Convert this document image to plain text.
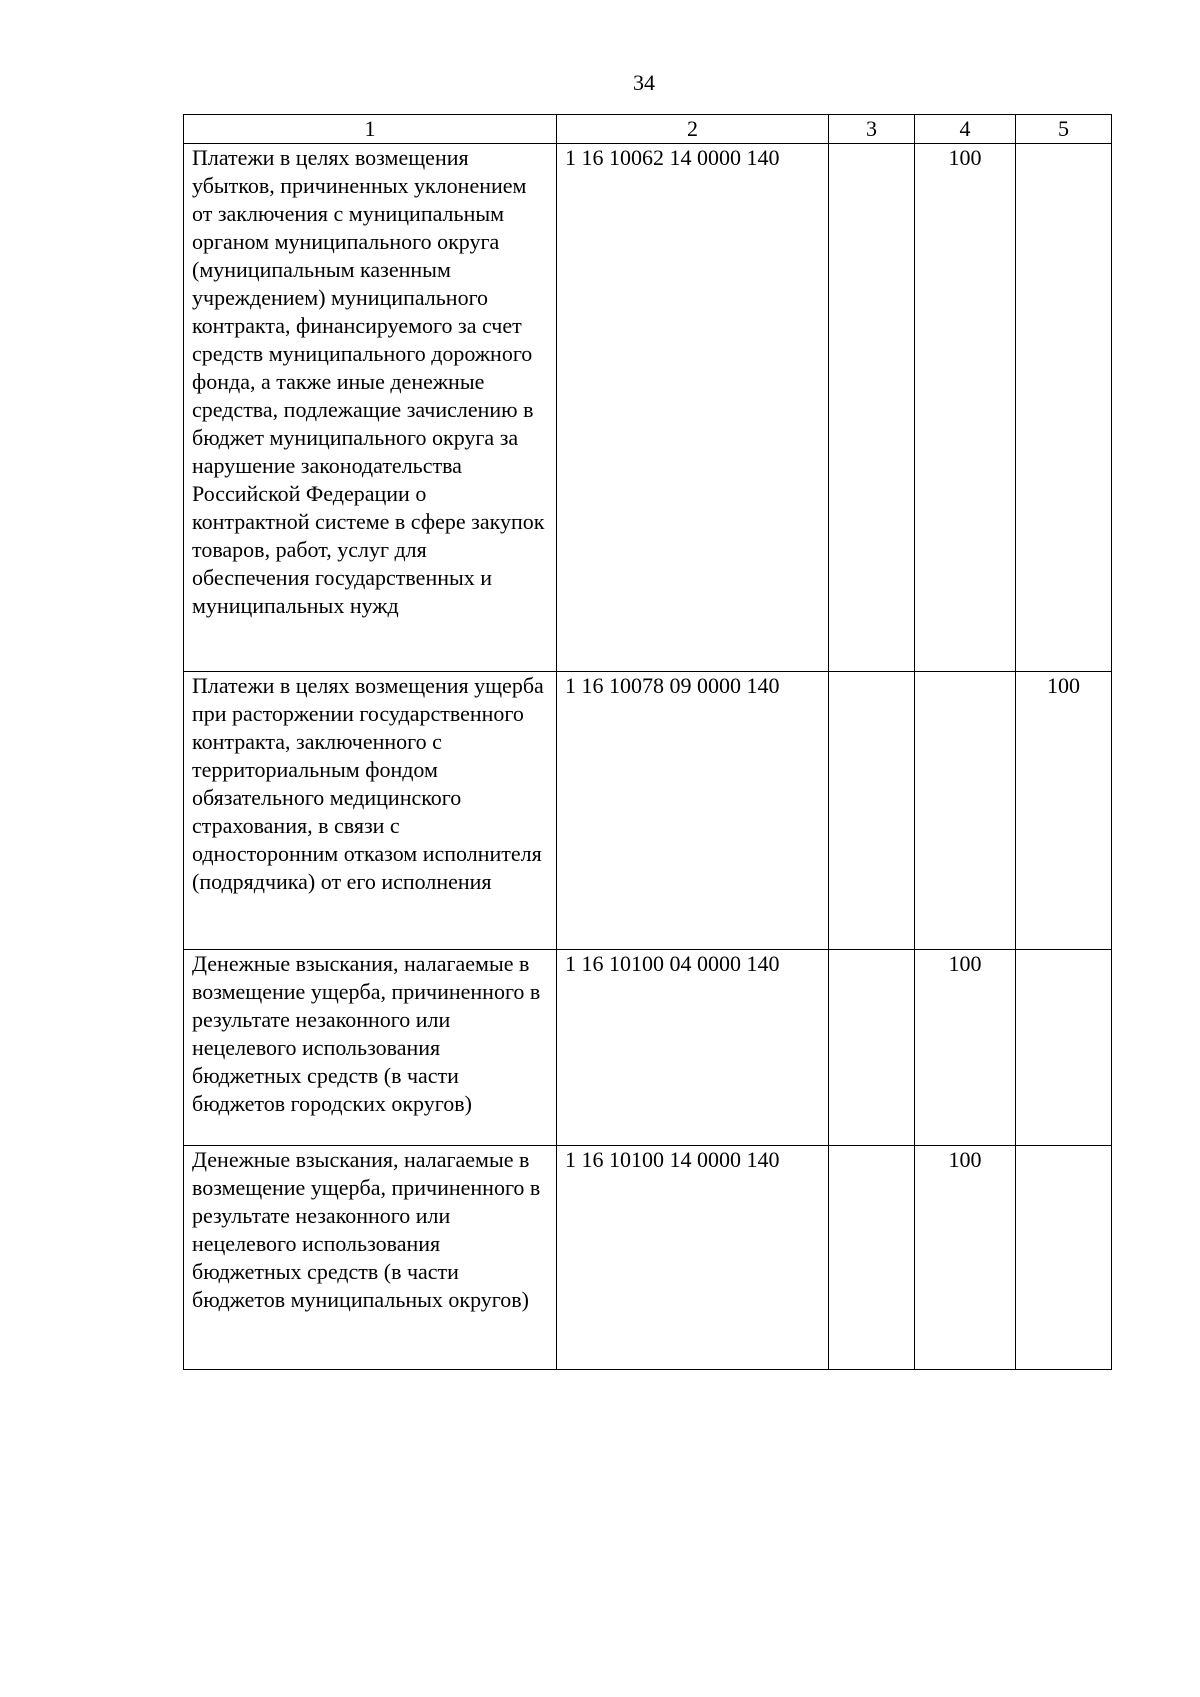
34
1	2	3	4	5
Платежи в целях возмещения убытков, причиненных уклонением от заключения с муниципальным органом муниципального округа (муниципальным казенным учреждением) муниципального контракта, финансируемого за счет средств муниципального дорожного фонда, а также иные денежные средства, подлежащие зачислению в бюджет муниципального округа за нарушение законодательства Российской Федерации о контрактной системе в сфере закупок товаров, работ, услуг для обеспечения государственных и муниципальных нужд	1 16 10062 14 0000 140		100	
Платежи в целях возмещения ущерба при расторжении государственного контракта, заключенного с территориальным фондом обязательного медицинского страхования, в связи с односторонним отказом исполнителя (подрядчика) от его исполнения	1 16 10078 09 0000 140			100
Денежные взыскания, налагаемые в возмещение ущерба, причиненного в результате незаконного или нецелевого использования бюджетных средств (в части бюджетов городских округов)	1 16 10100 04 0000 140		100	
Денежные взыскания, налагаемые в возмещение ущерба, причиненного в результате незаконного или нецелевого использования бюджетных средств (в части бюджетов муниципальных округов)	1 16 10100 14 0000 140		100	
